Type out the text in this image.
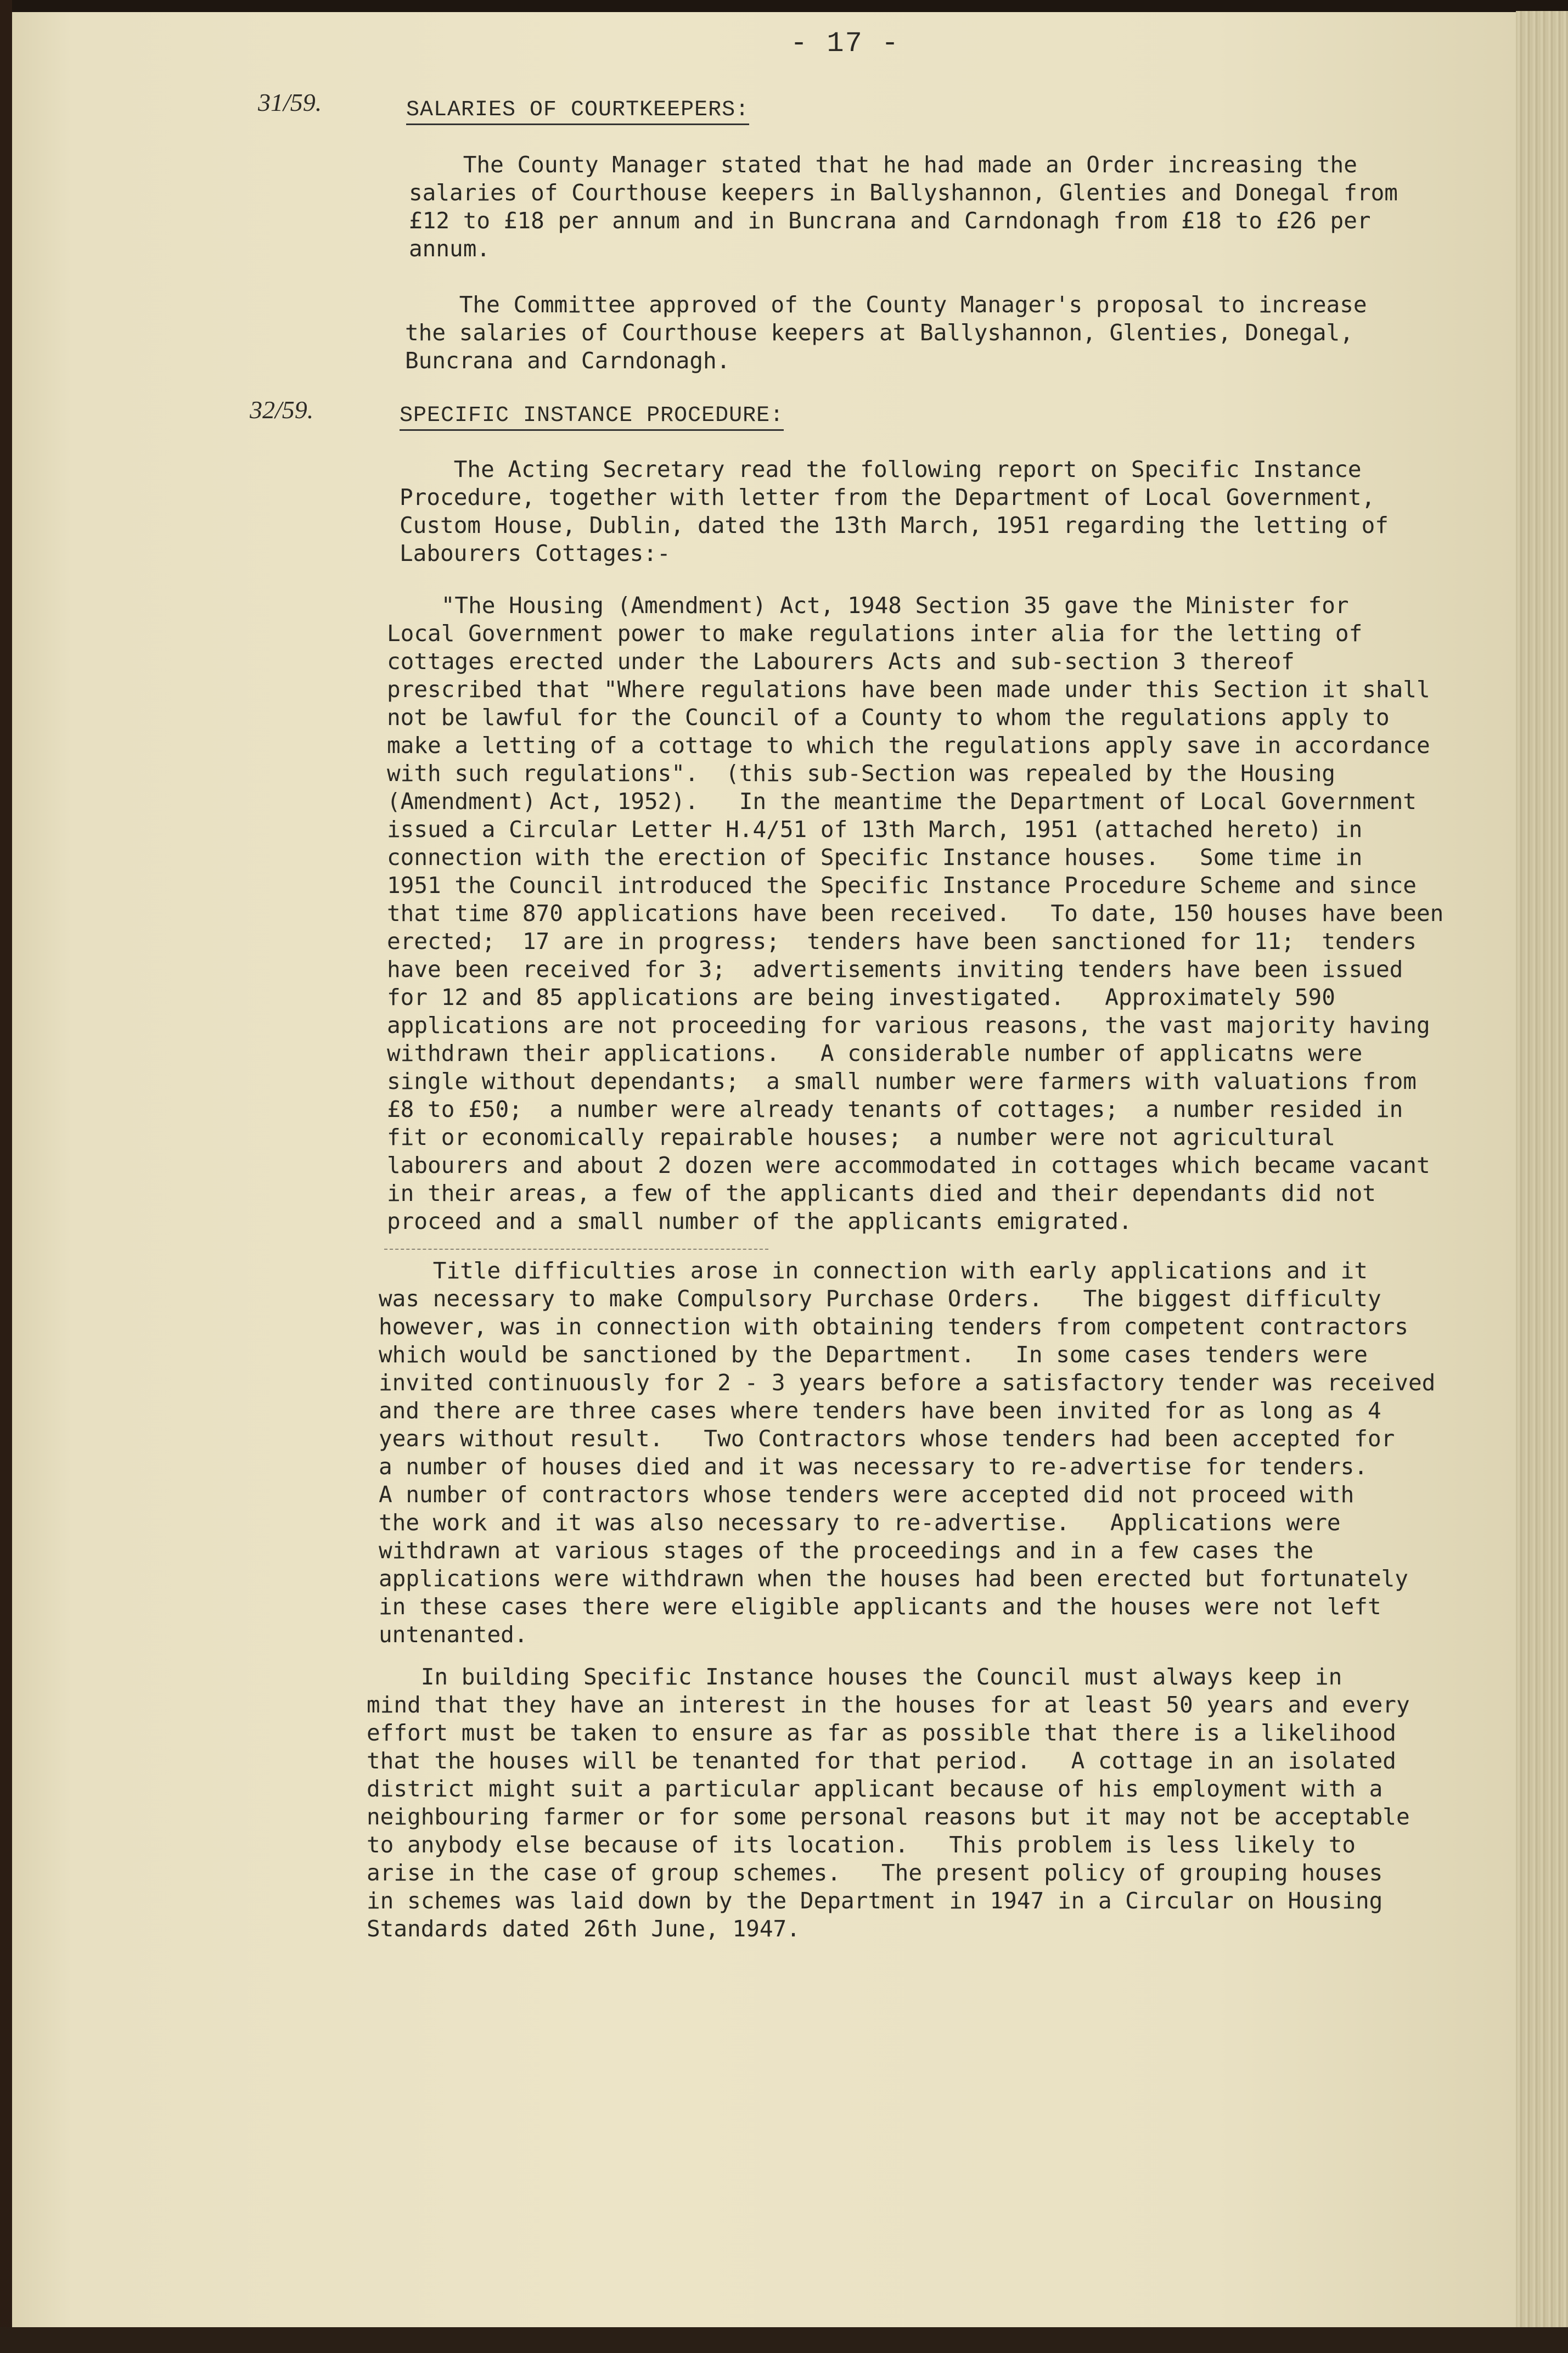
- 17 -
31/59.	SALARIES OF COURTKEEPERS:
The County Manager stated that he had made an Order increasing the
salaries of Courthouse keepers in Ballyshannon, Glenties and Donegal from
£12 to £18 per annum and in Buncrana and Carndonagh from £18 to £26 per
annum.
The Committee approved of the County Manager's proposal to increase
the salaries of Courthouse keepers at Ballyshannon, Glenties, Donegal,
Buncrana and Carndonagh.
32/59.	SPECIFIC INSTANCE PROCEDURE:
The Acting Secretary read the following report on Specific Instance
Procedure, together with letter from the Department of Local Government,
Custom House, Dublin, dated the 13th March, 1951 regarding the letting of
Labourers Cottages:-
"The Housing (Amendment) Act, 1948 Section 35 gave the Minister for
Local Government power to make regulations inter alia for the letting of
cottages erected under the Labourers Acts and sub-section 3 thereof
prescribed that "Where regulations have been made under this Section it shall
not be lawful for the Council of a County to whom the regulations apply to
make a letting of a cottage to which the regulations apply save in accordance
with such regulations".  (this sub-Section was repealed by the Housing
(Amendment) Act, 1952).   In the meantime the Department of Local Government
issued a Circular Letter H.4/51 of 13th March, 1951 (attached hereto) in
connection with the erection of Specific Instance houses.   Some time in
1951 the Council introduced the Specific Instance Procedure Scheme and since
that time 870 applications have been received.   To date, 150 houses have been
erected;  17 are in progress;  tenders have been sanctioned for 11;  tenders
have been received for 3;  advertisements inviting tenders have been issued
for 12 and 85 applications are being investigated.   Approximately 590
applications are not proceeding for various reasons, the vast majority having
withdrawn their applications.   A considerable number of applicatns were
single without dependants;  a small number were farmers with valuations from
£8 to £50;  a number were already tenants of cottages;  a number resided in
fit or economically repairable houses;  a number were not agricultural
labourers and about 2 dozen were accommodated in cottages which became vacant
in their areas, a few of the applicants died and their dependants did not
proceed and a small number of the applicants emigrated.
Title difficulties arose in connection with early applications and it
was necessary to make Compulsory Purchase Orders.   The biggest difficulty
however, was in connection with obtaining tenders from competent contractors
which would be sanctioned by the Department.   In some cases tenders were
invited continuously for 2 - 3 years before a satisfactory tender was received
and there are three cases where tenders have been invited for as long as 4
years without result.   Two Contractors whose tenders had been accepted for
a number of houses died and it was necessary to re-advertise for tenders.
A number of contractors whose tenders were accepted did not proceed with
the work and it was also necessary to re-advertise.   Applications were
withdrawn at various stages of the proceedings and in a few cases the
applications were withdrawn when the houses had been erected but fortunately
in these cases there were eligible applicants and the houses were not left
untenanted.
In building Specific Instance houses the Council must always keep in
mind that they have an interest in the houses for at least 50 years and every
effort must be taken to ensure as far as possible that there is a likelihood
that the houses will be tenanted for that period.   A cottage in an isolated
district might suit a particular applicant because of his employment with a
neighbouring farmer or for some personal reasons but it may not be acceptable
to anybody else because of its location.   This problem is less likely to
arise in the case of group schemes.   The present policy of grouping houses
in schemes was laid down by the Department in 1947 in a Circular on Housing
Standards dated 26th June, 1947.
